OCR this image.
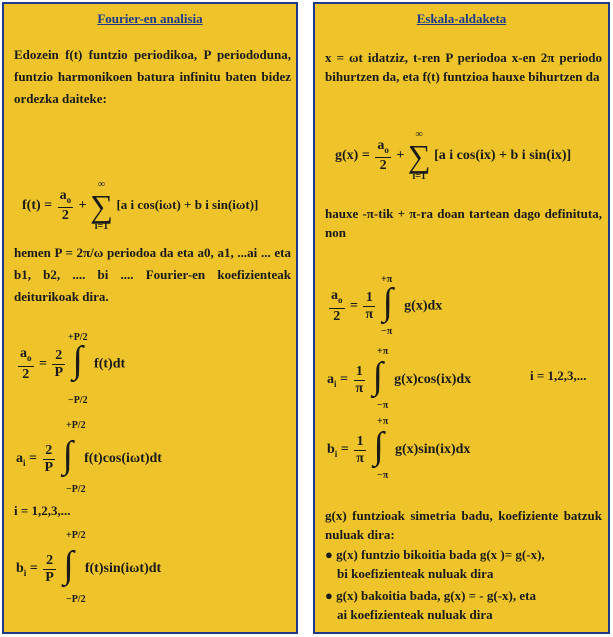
Fourier-en analisia
Edozein f(t) funtzio periodikoa, P periododuna, funtzio harmonikoen batura infinitu baten bidez ordezka daiteke:
$f(t) = \frac{a_o}{2}$ +
∞
∑
i=1
[a i cos(iωt) + b i sin(iωt)]
hemen P = 2π/ω periodoa da eta a0, a1, ...ai ... eta b1, b2, .... bi .... Fourier-en koefizienteak deiturikoak dira.
$\frac{a_o}{2} = \frac{2}{P}$
∫ f(t)dt
+P/2
−P/2
$a_i = \frac{2}{P}$
∫ f(t)cos(iωt)dt
+P/2
−P/2
i = 1,2,3,...
$b_i = \frac{2}{P}$
∫ f(t)sin(iωt)dt
+P/2
−P/2
Eskala-aldaketa
x = ωt idatziz, t-ren P periodoa x-en 2π periodo bihurtzen da, eta f(t) funtzioa hauxe bihurtzen da
$g(x) = \frac{a_o}{2}$ +
∞
∑
i=1
[a i cos(ix) + b i sin(ix)]
hauxe -π-tik + π-ra doan tartean dago definituta, non
$\frac{a_o}{2} = \frac{1}{\pi}$
∫ g(x)dx
+π
−π
$a_i = \frac{1}{\pi}$
∫ g(x)cos(ix)dx
+π
−π
i = 1,2,3,...
$b_i = \frac{1}{\pi}$
∫ g(x)sin(ix)dx
+π
−π
g(x) funtzioak simetria badu, koefiziente batzuk nuluak dira:
● g(x) funtzio bikoitia bada g(x )= g(-x),
bi koefizienteak nuluak dira
● g(x) bakoitia bada, g(x) = - g(-x), eta
ai koefizienteak nuluak dira
